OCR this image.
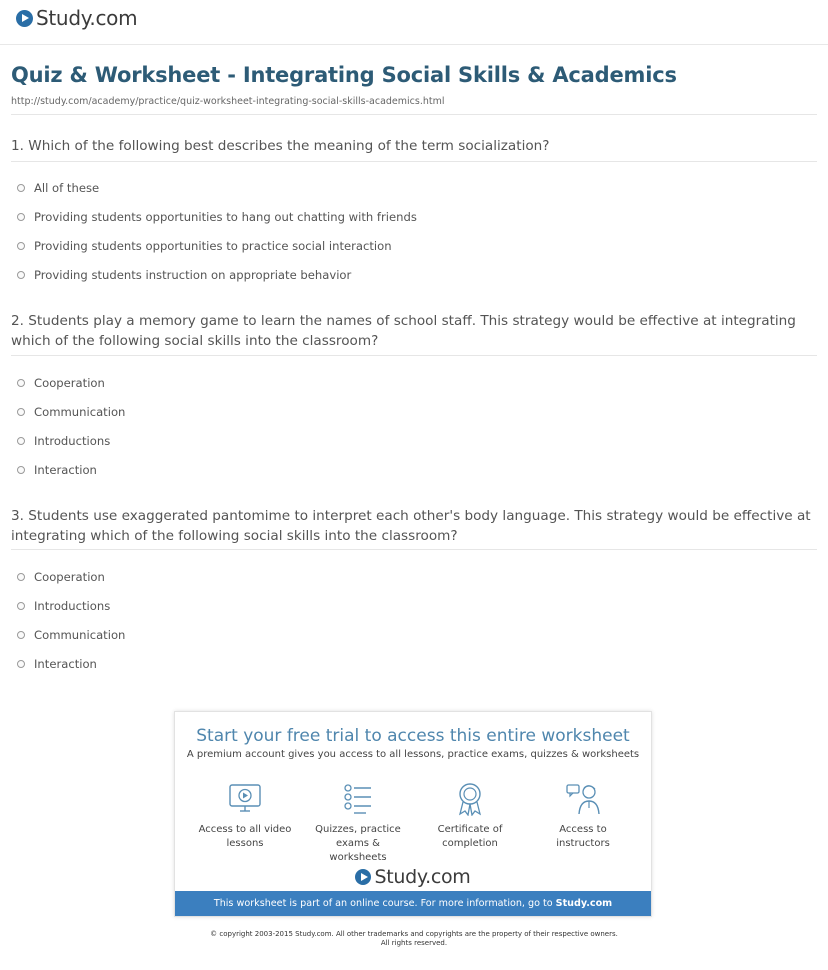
Study.com
Quiz & Worksheet - Integrating Social Skills & Academics
http://study.com/academy/practice/quiz-worksheet-integrating-social-skills-academics.html
1. Which of the following best describes the meaning of the term socialization?
All of these
Providing students opportunities to hang out chatting with friends
Providing students opportunities to practice social interaction
Providing students instruction on appropriate behavior
2. Students play a memory game to learn the names of school staff. This strategy would be effective at integrating which of the following social skills into the classroom?
Cooperation
Communication
Introductions
Interaction
3. Students use exaggerated pantomime to interpret each other's body language. This strategy would be effective at integrating which of the following social skills into the classroom?
Cooperation
Introductions
Communication
Interaction
Start your free trial to access this entire worksheet
A premium account gives you access to all lessons, practice exams, quizzes & worksheets
Access to all video lessons
Quizzes, practice exams & worksheets
Certificate of completion
Access to instructors
Study.com
This worksheet is part of an online course. For more information, go to Study.com
© copyright 2003-2015 Study.com. All other trademarks and copyrights are the property of their respective owners.
All rights reserved.
